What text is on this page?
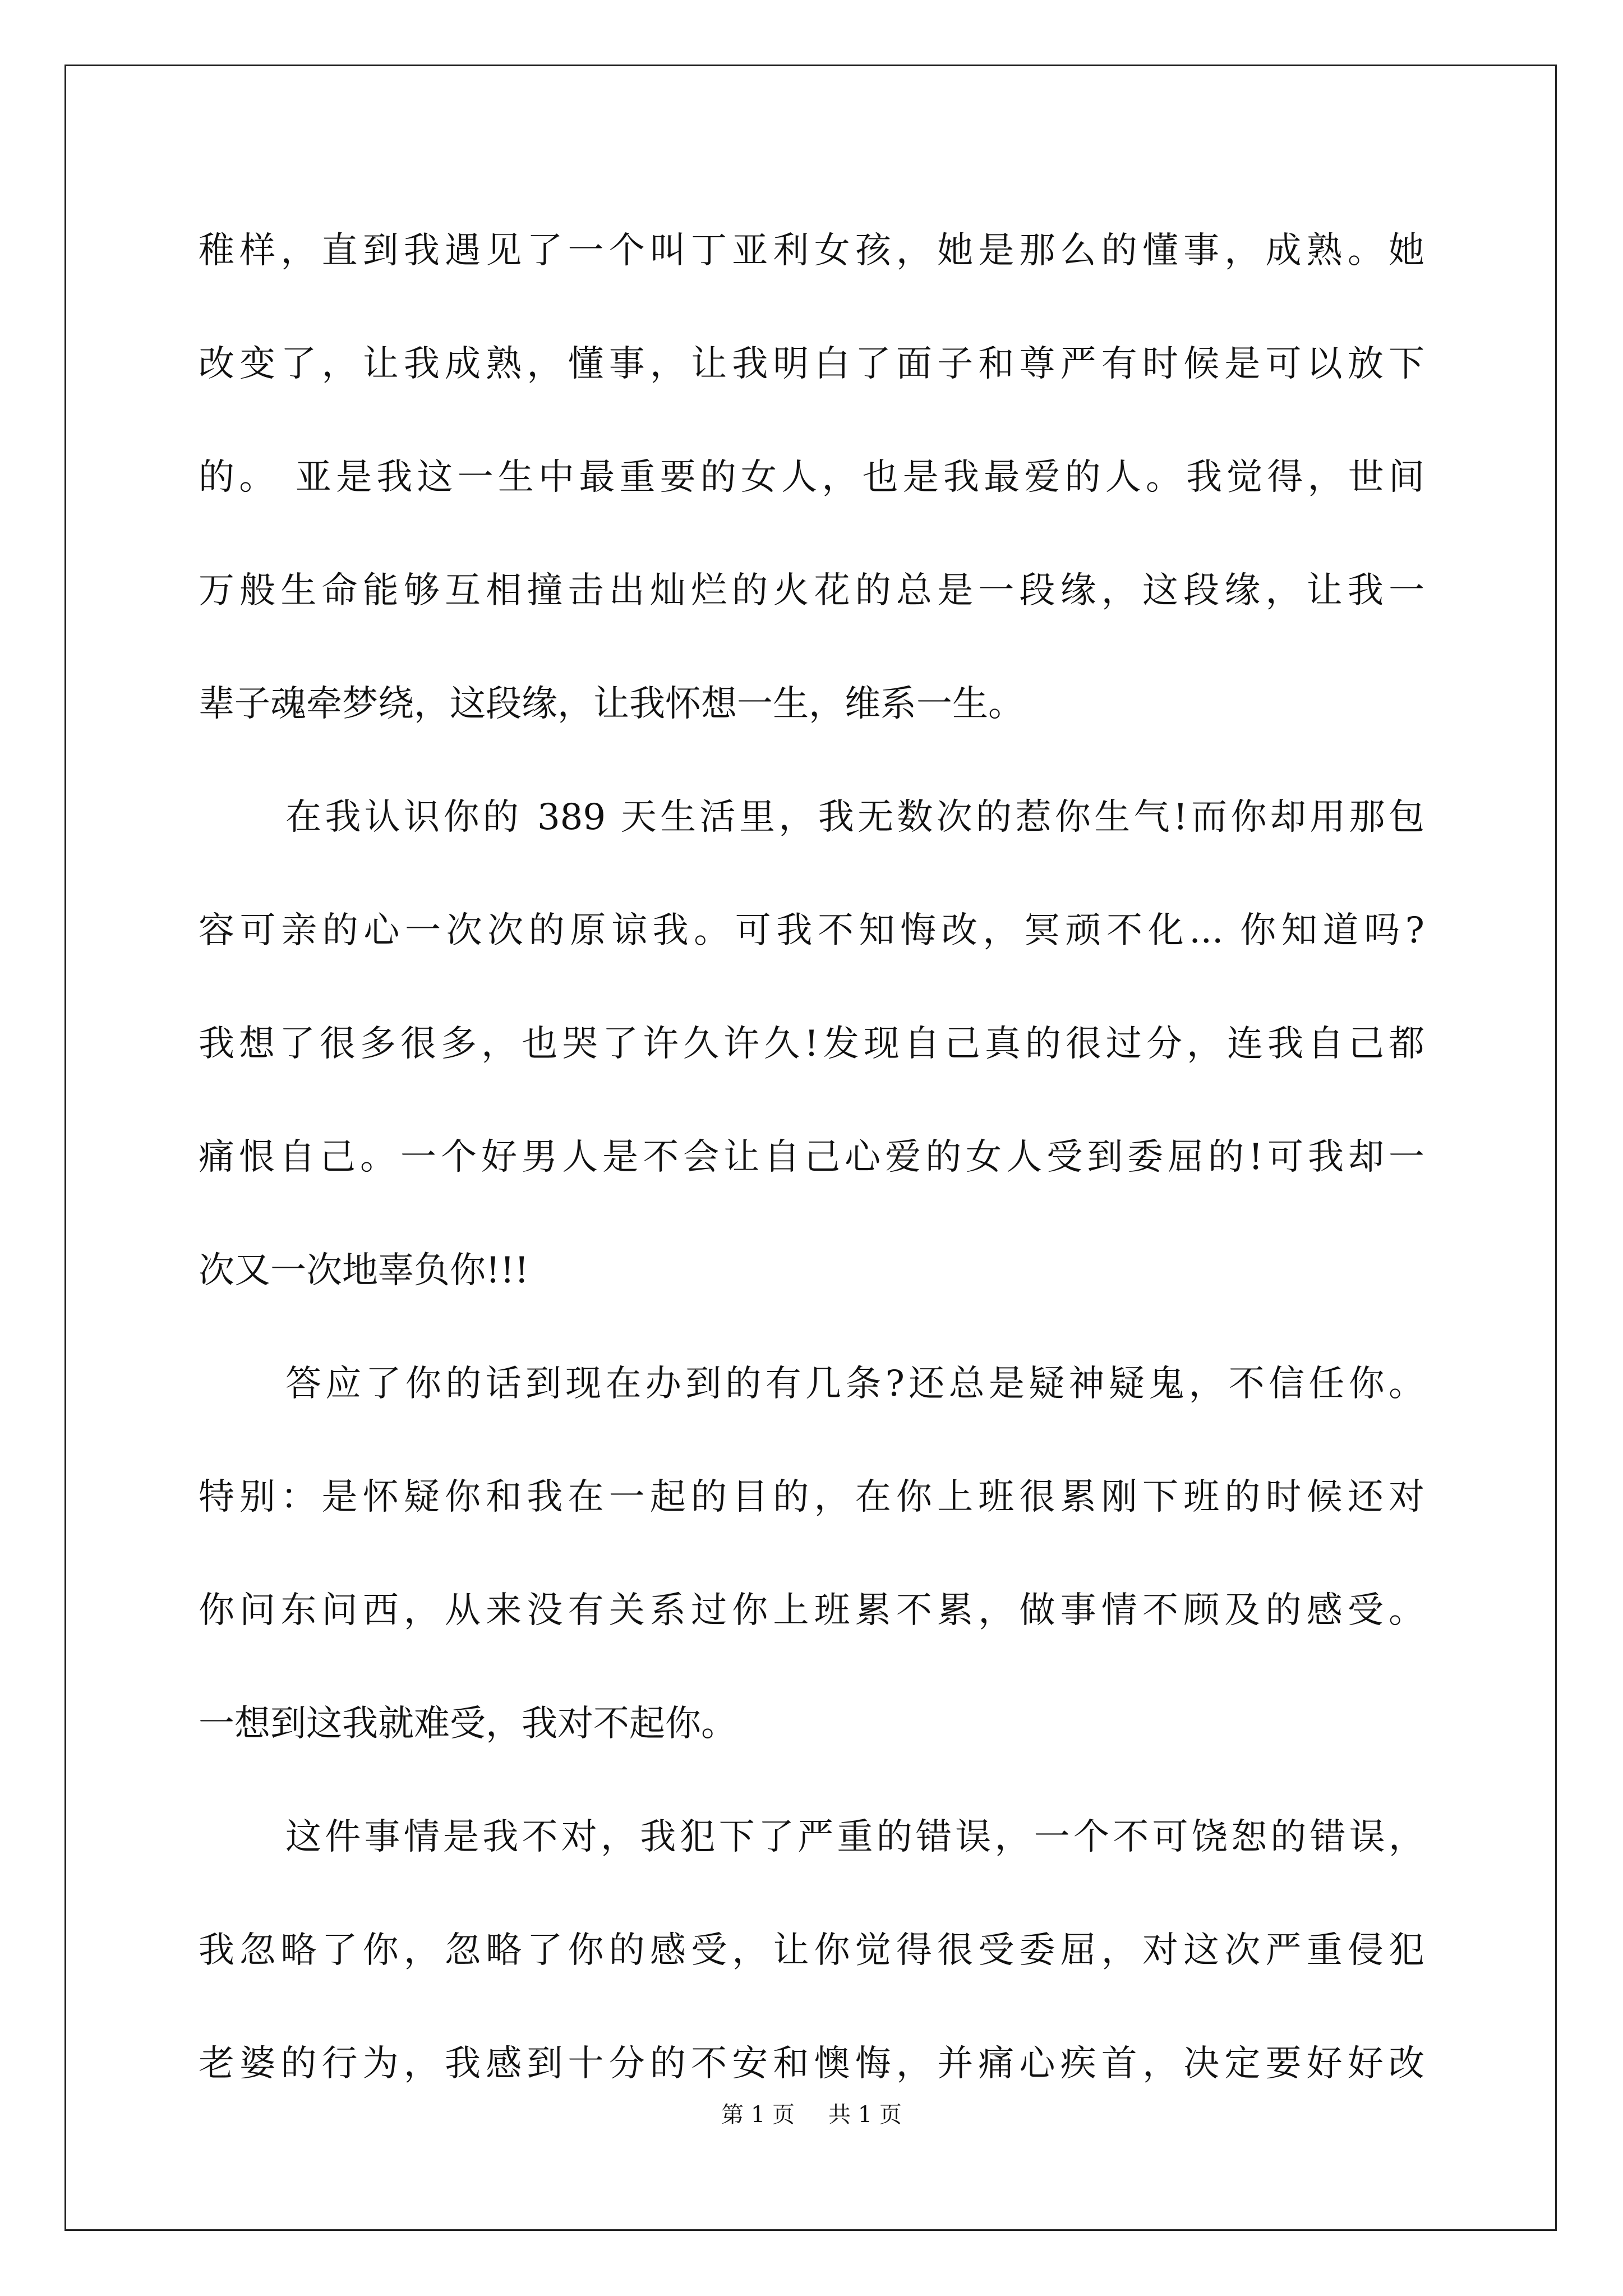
稚样，直到我遇见了一个叫丁亚利女孩，她是那么的懂事，成熟。她
改变了，让我成熟，懂事，让我明白了面子和尊严有时候是可以放下
的。 亚是我这一生中最重要的女人，也是我最爱的人。我觉得，世间
万般生命能够互相撞击出灿烂的火花的总是一段缘，这段缘，让我一
辈子魂牵梦绕，这段缘，让我怀想一生，维系一生。
在我认识你的 389 天生活里，我无数次的惹你生气!而你却用那包
容可亲的心一次次的原谅我。可我不知悔改，冥顽不化... 你知道吗?
我想了很多很多，也哭了许久许久!发现自己真的很过分，连我自己都
痛恨自己。一个好男人是不会让自己心爱的女人受到委屈的!可我却一
次又一次地辜负你!!!
答应了你的话到现在办到的有几条?还总是疑神疑鬼，不信任你。
特别：是怀疑你和我在一起的目的，在你上班很累刚下班的时候还对
你问东问西，从来没有关系过你上班累不累，做事情不顾及的感受。
一想到这我就难受，我对不起你。
这件事情是我不对，我犯下了严重的错误，一个不可饶恕的错误，
我忽略了你，忽略了你的感受，让你觉得很受委屈，对这次严重侵犯
老婆的行为，我感到十分的不安和懊悔，并痛心疾首，决定要好好改
第 1 页 共 1 页
